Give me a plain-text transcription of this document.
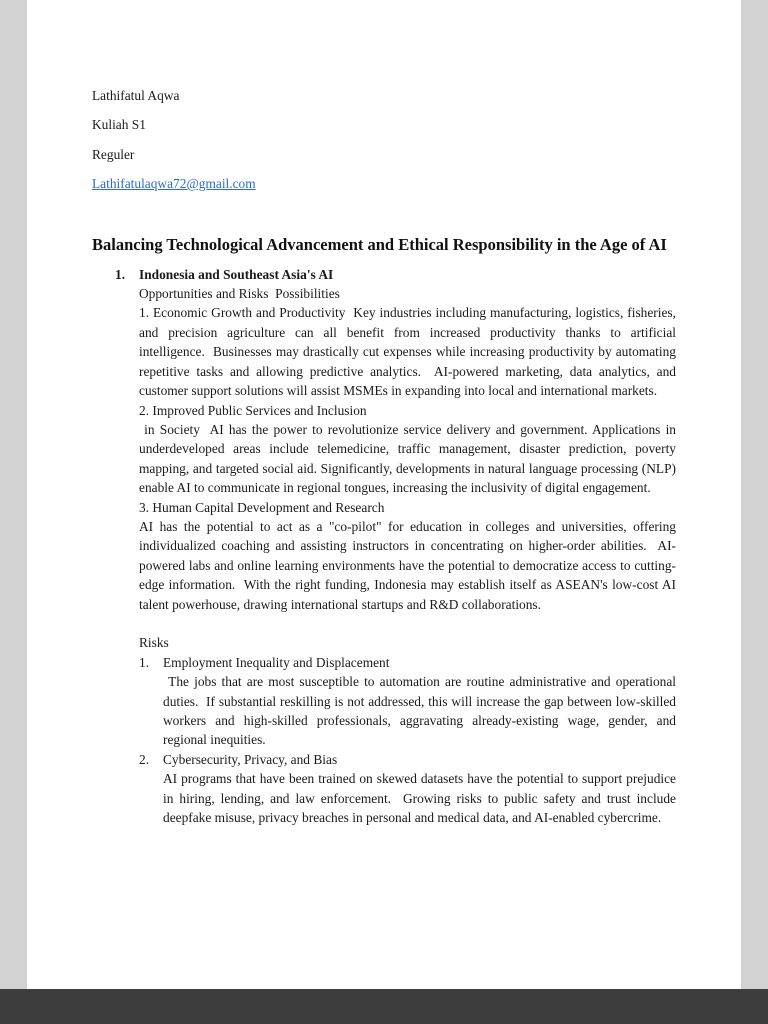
Lathifatul Aqwa

Kuliah S1

Reguler

Lathifatulaqwa72@gmail.com

Balancing Technological Advancement and Ethical Responsibility in the Age of AI
1.	Indonesia and Southeast Asia's AI

Opportunities and Risks  Possibilities

1. Economic Growth and Productivity  Key industries including manufacturing, logistics, fisheries, and precision agriculture can all benefit from increased productivity thanks to artificial intelligence.  Businesses may drastically cut expenses while increasing productivity by automating repetitive tasks and allowing predictive analytics.  AI-powered marketing, data analytics, and customer support solutions will assist MSMEs in expanding into local and international markets.

2. Improved Public Services and Inclusion

in Society  AI has the power to revolutionize service delivery and government. Applications in underdeveloped areas include telemedicine, traffic management, disaster prediction, poverty mapping, and targeted social aid. Significantly, developments in natural language processing (NLP) enable AI to communicate in regional tongues, increasing the inclusivity of digital engagement.

3. Human Capital Development and Research

AI has the potential to act as a "co-pilot" for education in colleges and universities, offering individualized coaching and assisting instructors in concentrating on higher-order abilities.  AI-powered labs and online learning environments have the potential to democratize access to cutting-edge information.  With the right funding, Indonesia may establish itself as ASEAN's low-cost AI talent powerhouse, drawing international startups and R&D collaborations.

Risks

1.	Employment Inequality and Displacement

The jobs that are most susceptible to automation are routine administrative and operational duties.  If substantial reskilling is not addressed, this will increase the gap between low-skilled workers and high-skilled professionals, aggravating already-existing wage, gender, and regional inequities.

2.	Cybersecurity, Privacy, and Bias

AI programs that have been trained on skewed datasets have the potential to support prejudice in hiring, lending, and law enforcement.  Growing risks to public safety and trust include deepfake misuse, privacy breaches in personal and medical data, and AI-enabled cybercrime.
